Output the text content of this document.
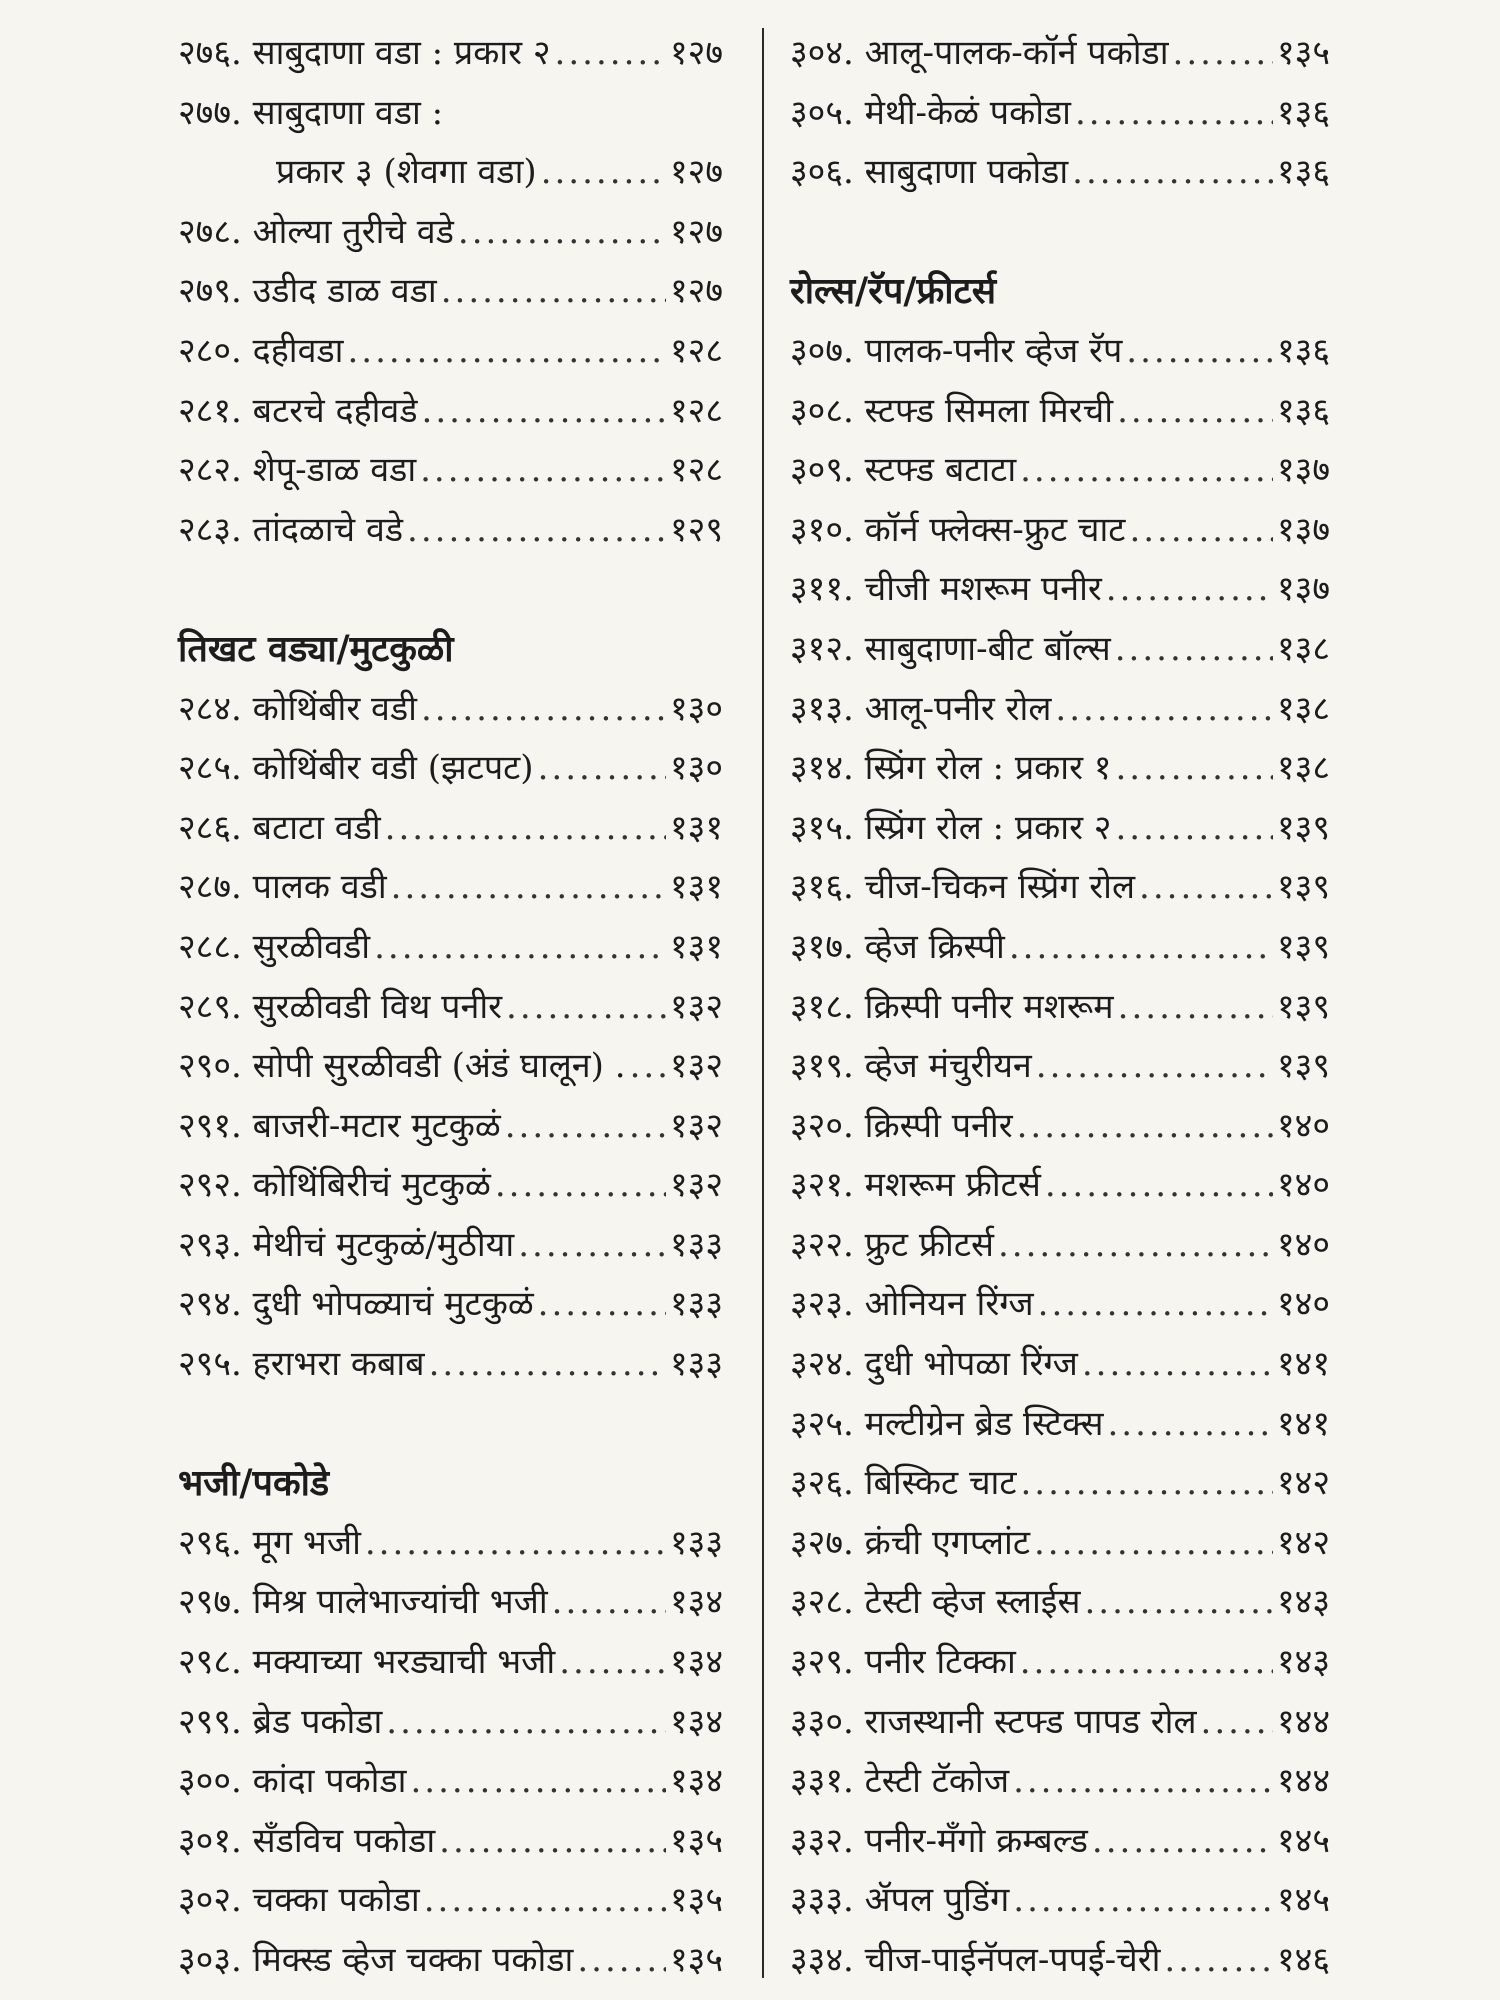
२७६. साबुदाणा वडा : प्रकार २ .....	१२७
२७७. साबुदाणा वडा :
प्रकार ३ (शेवगा वडा) .....	१२७
२७८. ओल्या तुरीचे वडे .....	१२७
२७९. उडीद डाळ वडा .....	१२७
२८०. दहीवडा .....	१२८
२८१. बटरचे दहीवडे .....	१२८
२८२. शेपू-डाळ वडा .....	१२८
२८३. तांदळाचे वडे .....	१२९
तिखट वड्या/मुटकुळी
२८४. कोथिंबीर वडी .....	१३०
२८५. कोथिंबीर वडी (झटपट) .....	१३०
२८६. बटाटा वडी .....	१३१
२८७. पालक वडी .....	१३१
२८८. सुरळीवडी .....	१३१
२८९. सुरळीवडी विथ पनीर .....	१३२
२९०. सोपी सुरळीवडी (अंडं घालून) . ..... १३२
२९१. बाजरी-मटार मुटकुळं .....	१३२
२९२. कोथिंबिरीचं मुटकुळं .....	१३२
२९३. मेथीचं मुटकुळं/मुठीया .....	१३३
२९४. दुधी भोपळ्याचं मुटकुळं .....	१३३
२९५. हराभरा कबाब .....	१३३
भजी/पकोडे
२९६. मूग भजी .....	१३३
२९७. मिश्र पालेभाज्यांची भजी .....	१३४
२९८. मक्याच्या भरड्याची भजी .....	१३४
२९९. ब्रेड पकोडा .....	१३४
३००. कांदा पकोडा .....	१३४
३०१. सँडविच पकोडा .....	१३५
३०२. चक्का पकोडा .....	१३५
३०३. मिक्स्ड व्हेज चक्का पकोडा .....	१३५
३०४. आलू-पालक-कॉर्न पकोडा .....	१३५
३०५. मेथी-केळं पकोडा .....	१३६
३०६. साबुदाणा पकोडा .....	१३६
रोल्स/रॅप/फ्रीटर्स
३०७. पालक-पनीर व्हेज रॅप .....	१३६
३०८. स्टफ्ड सिमला मिरची .....	१३६
३०९. स्टफ्ड बटाटा .....	१३७
३१०. कॉर्न फ्लेक्स-फ्रुट चाट .....	१३७
३११. चीजी मशरूम पनीर .....	१३७
३१२. साबुदाणा-बीट बॉल्स .....	१३८
३१३. आलू-पनीर रोल .....	१३८
३१४. स्प्रिंग रोल : प्रकार १ .....	१३८
३१५. स्प्रिंग रोल : प्रकार २ .....	१३९
३१६. चीज-चिकन स्प्रिंग रोल .....	१३९
३१७. व्हेज क्रिस्पी .....	१३९
३१८. क्रिस्पी पनीर मशरूम .....	१३९
३१९. व्हेज मंचुरीयन .....	१३९
३२०. क्रिस्पी पनीर .....	१४०
३२१. मशरूम फ्रीटर्स .....	१४०
३२२. फ्रुट फ्रीटर्स .....	१४०
३२३. ओनियन रिंग्ज .....	१४०
३२४. दुधी भोपळा रिंग्ज .....	१४१
३२५. मल्टीग्रेन ब्रेड स्टिक्स .....	१४१
३२६. बिस्किट चाट .....	१४२
३२७. क्रंची एगप्लांट .....	१४२
३२८. टेस्टी व्हेज स्लाईस .....	१४३
३२९. पनीर टिक्का .....	१४३
३३०. राजस्थानी स्टफ्ड पापड रोल ..... १४४
३३१. टेस्टी टॅकोज .....	१४४
३३२. पनीर-मँगो क्रम्बल्ड .....	१४५
३३३. ॲपल पुडिंग .....	१४५
३३४. चीज-पाईनॅपल-पपई-चेरी .....	१४६
